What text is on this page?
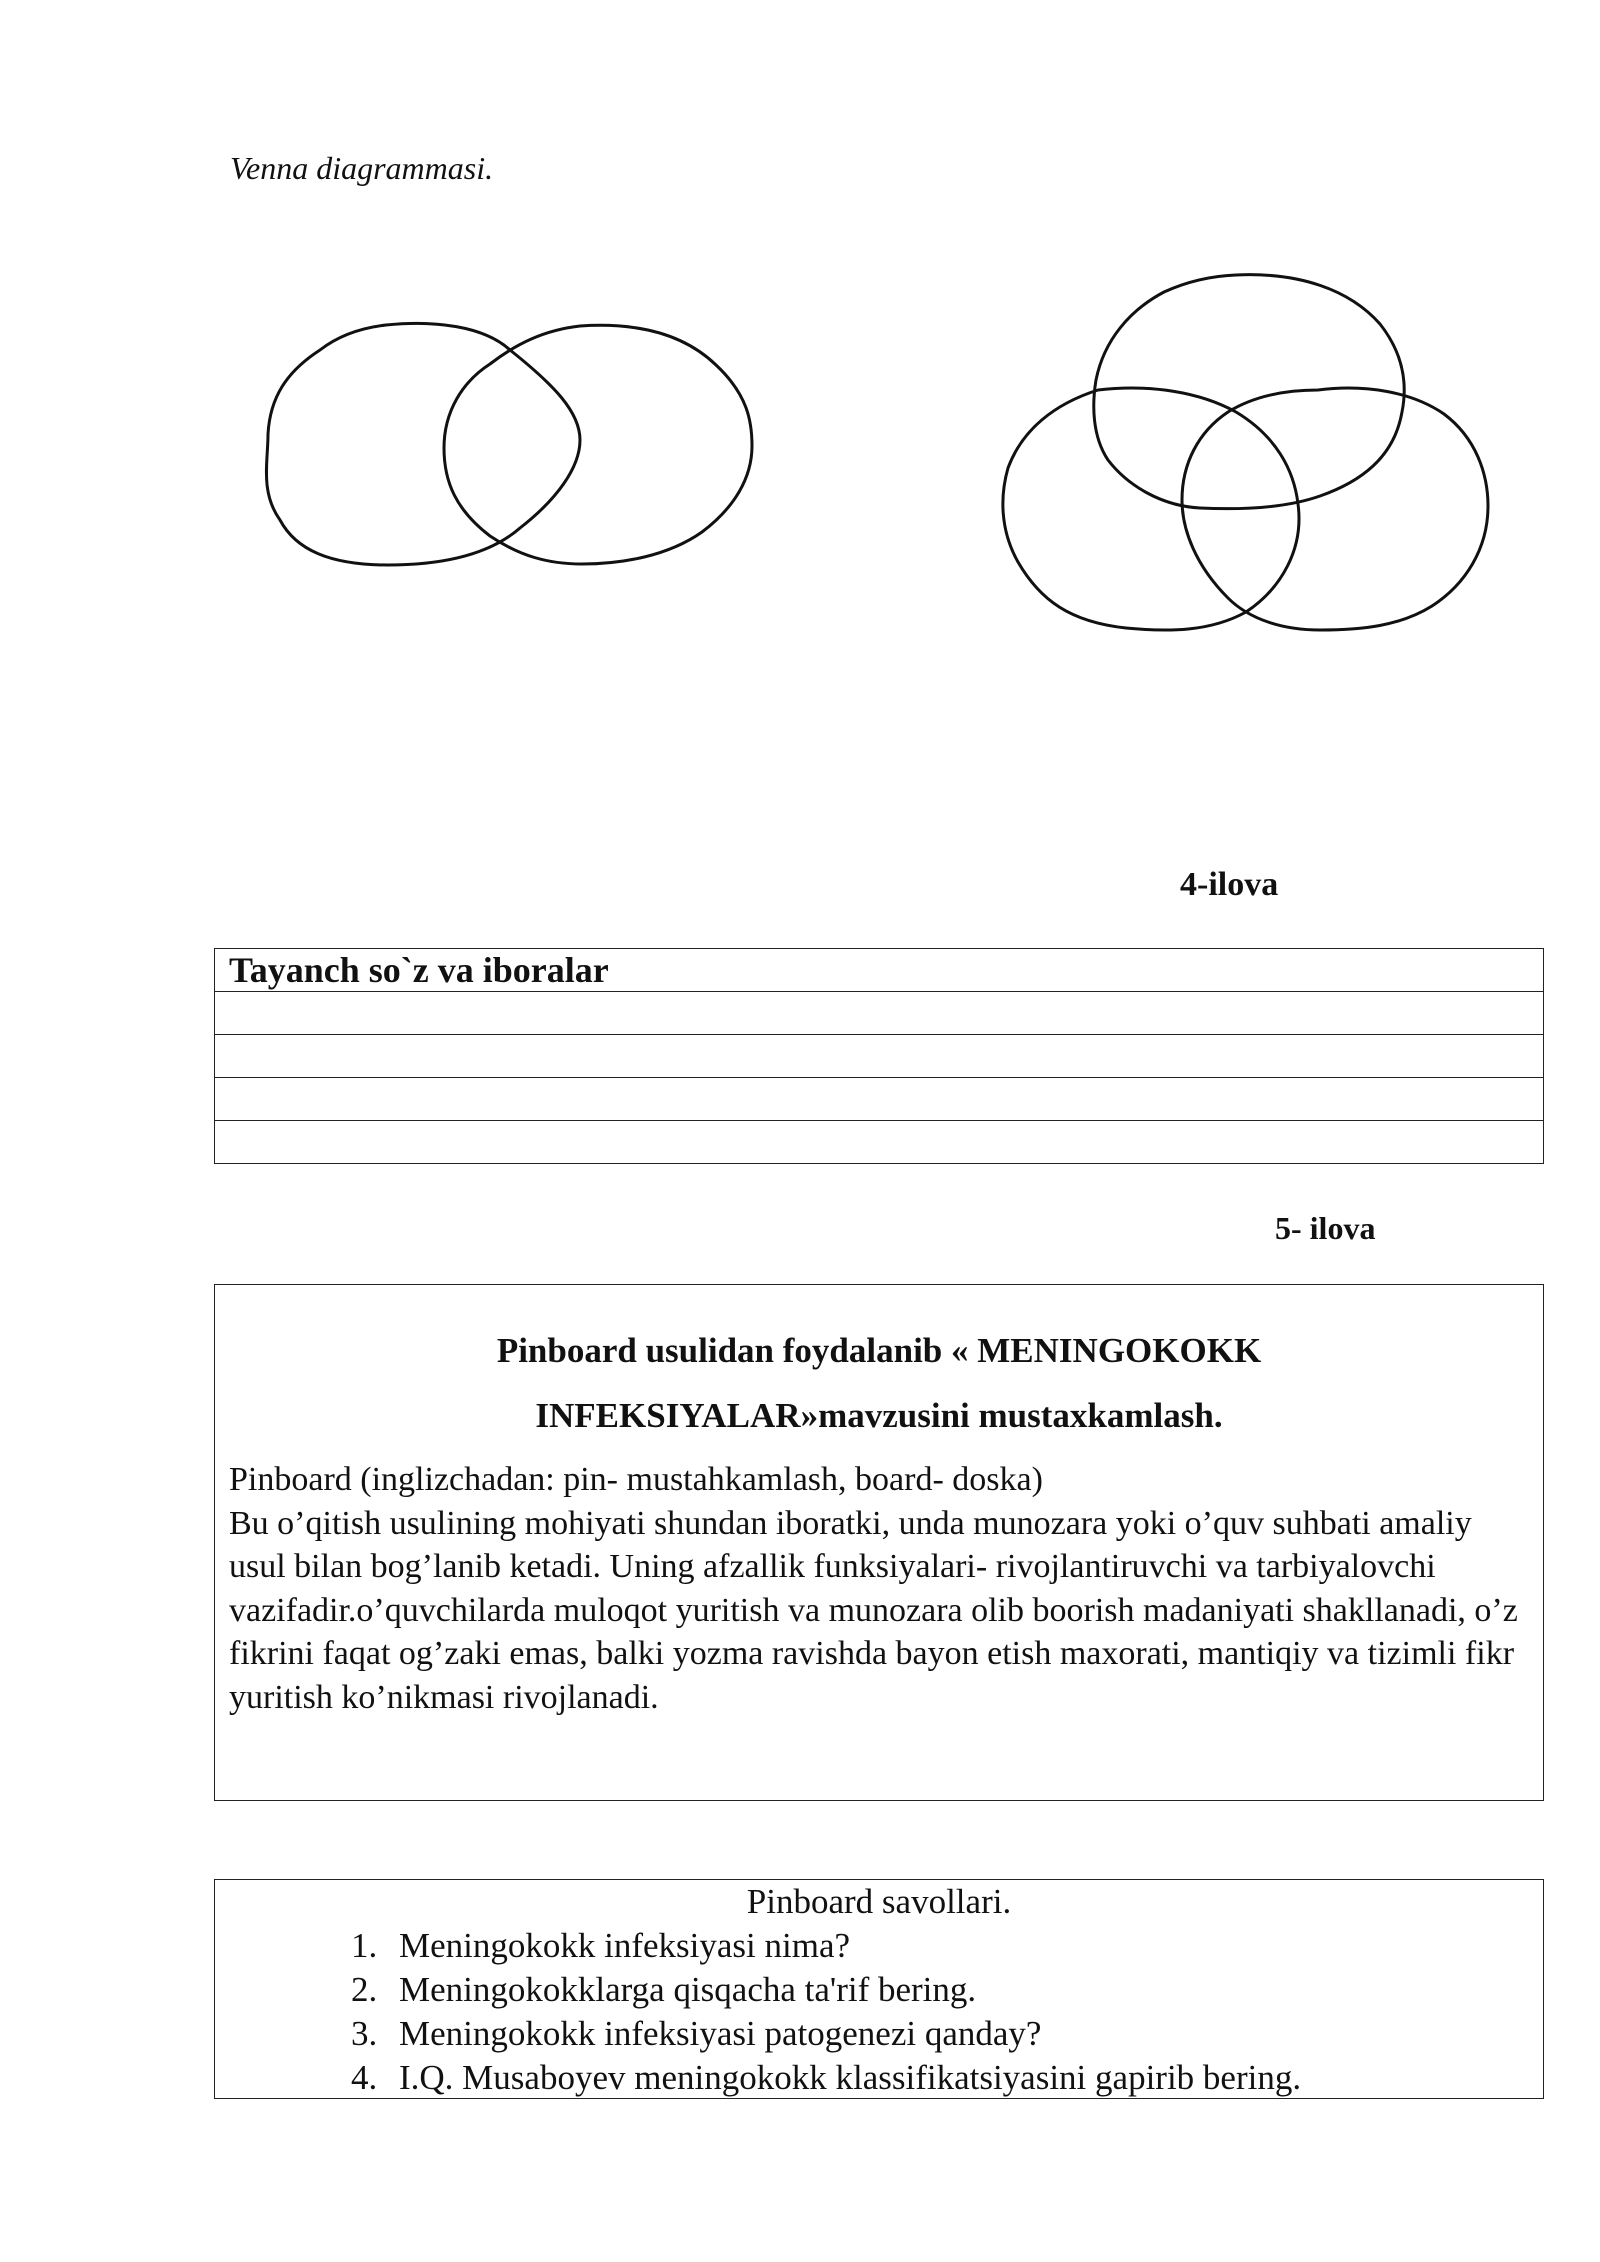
Venna diagrammasi.
4-ilova
Tayanch so`z va iboralar

5- ilova
Pinboard usulidan foydalanib « MENINGOKOKK
INFEKSIYALAR»mavzusini mustaxkamlash.

Pinboard (inglizchadan: pin- mustahkamlash, board- doska)

Bu o’qitish usulining mohiyati shundan iboratki, unda munozara yoki o’quv suhbati amaliy usul bilan bog’lanib ketadi. Uning afzallik funksiyalari- rivojlantiruvchi va tarbiyalovchi vazifadir.o’quvchilarda muloqot yuritish va munozara olib boorish madaniyati shakllanadi, o’z fikrini faqat og’zaki emas, balki yozma ravishda bayon etish maxorati, mantiqiy va tizimli fikr yuritish ko’nikmasi rivojlanadi.

Pinboard savollari.
1. Meningokokk infeksiyasi nima?
2. Meningokokklarga qisqacha ta'rif bering.
3. Meningokokk infeksiyasi patogenezi qanday?
4. I.Q. Musaboyev meningokokk klassifikatsiyasini gapirib bering.
